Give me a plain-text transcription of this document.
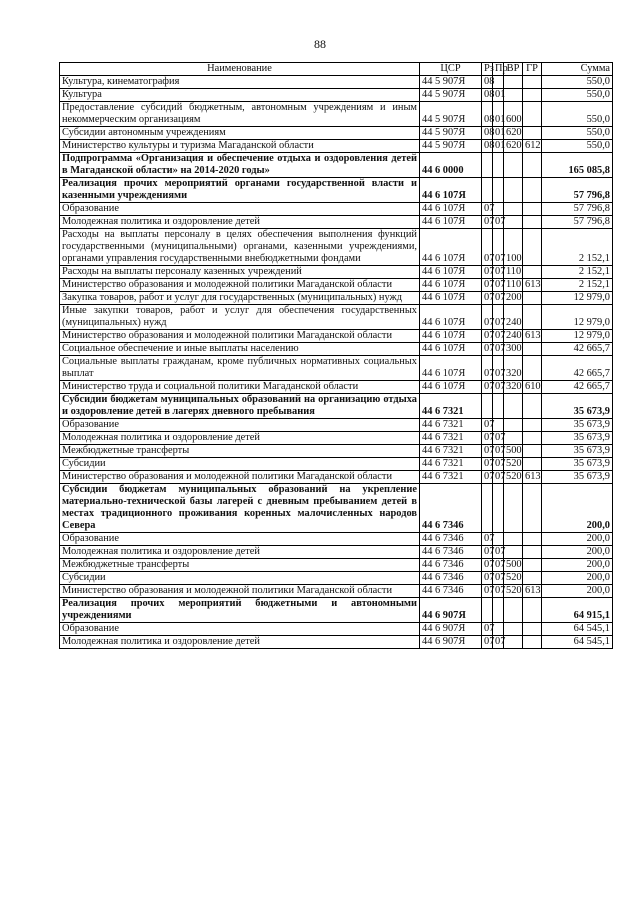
88
Наименование	ЦСР	Рз	Пр	ВР	ГР	Сумма
Культура, кинематография	44 5 907Я	08				550,0
Культура	44 5 907Я	08	01			550,0
Предоставление субсидий бюджетным, автономным учреждениям и иным некоммерческим организациям	44 5 907Я	08	01	600		550,0
Субсидии автономным учреждениям	44 5 907Я	08	01	620		550,0
Министерство культуры и туризма Магаданской области	44 5 907Я	08	01	620	612	550,0
Подпрограмма «Организация и обеспечение отдыха и оздоровления детей в Магаданской области» на 2014-2020 годы»	44 6 0000					165 085,8
Реализация прочих мероприятий органами государственной власти и казенными учреждениями	44 6 107Я					57 796,8
Образование	44 6 107Я	07				57 796,8
Молодежная политика и оздоровление детей	44 6 107Я	07	07			57 796,8
Расходы на выплаты персоналу в целях обеспечения выполнения функций государственными (муниципальными) органами, казенными учреждениями, органами управления государственными внебюджетными фондами	44 6 107Я	07	07	100		2 152,1
Расходы на выплаты персоналу казенных учреждений	44 6 107Я	07	07	110		2 152,1
Министерство образования и молодежной политики Магаданской области	44 6 107Я	07	07	110	613	2 152,1
Закупка товаров, работ и услуг для государственных (муниципальных) нужд	44 6 107Я	07	07	200		12 979,0
Иные закупки товаров, работ и услуг для обеспечения государственных (муниципальных) нужд	44 6 107Я	07	07	240		12 979,0
Министерство образования и молодежной политики Магаданской области	44 6 107Я	07	07	240	613	12 979,0
Социальное обеспечение и иные выплаты населению	44 6 107Я	07	07	300		42 665,7
Социальные выплаты гражданам, кроме публичных нормативных социальных выплат	44 6 107Я	07	07	320		42 665,7
Министерство труда и социальной политики Магаданской области	44 6 107Я	07	07	320	610	42 665,7
Субсидии бюджетам муниципальных образований на организацию отдыха и оздоровление детей в лагерях дневного пребывания	44 6 7321					35 673,9
Образование	44 6 7321	07				35 673,9
Молодежная политика и оздоровление детей	44 6 7321	07	07			35 673,9
Межбюджетные трансферты	44 6 7321	07	07	500		35 673,9
Субсидии	44 6 7321	07	07	520		35 673,9
Министерство образования и молодежной политики Магаданской области	44 6 7321	07	07	520	613	35 673,9
Субсидии бюджетам муниципальных образований на укрепление материально-технической базы лагерей с дневным пребыванием детей в местах традиционного проживания коренных малочисленных народов Севера	44 6 7346					200,0
Образование	44 6 7346	07				200,0
Молодежная политика и оздоровление детей	44 6 7346	07	07			200,0
Межбюджетные трансферты	44 6 7346	07	07	500		200,0
Субсидии	44 6 7346	07	07	520		200,0
Министерство образования и молодежной политики Магаданской области	44 6 7346	07	07	520	613	200,0
Реализация прочих мероприятий бюджетными и автономными учреждениями	44 6 907Я					64 915,1
Образование	44 6 907Я	07				64 545,1
Молодежная политика и оздоровление детей	44 6 907Я	07	07			64 545,1
